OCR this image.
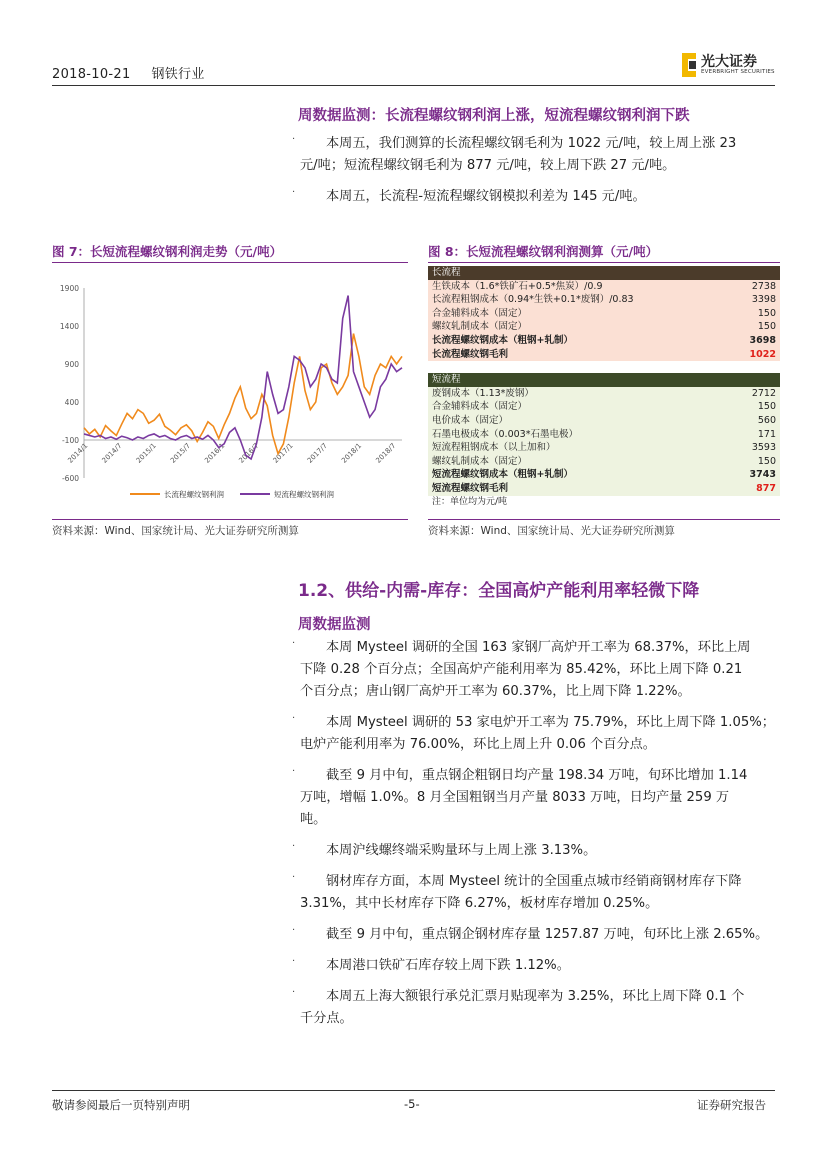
2018-10-21 钢铁行业
光大证券
EVERBRIGHT SECURITIES
周数据监测：长流程螺纹钢利润上涨，短流程螺纹钢利润下跌
· 本周五，我们测算的长流程螺纹钢毛利为 1022 元/吨，较上周上涨 23
元/吨；短流程螺纹钢毛利为 877 元/吨，较上周下跌 27 元/吨。
· 本周五，长流程-短流程螺纹钢模拟利差为 145 元/吨。
图 7：长短流程螺纹钢利润走势（元/吨）
1900
1400
900
400
-100
-600
2014/1 2014/7 2015/1 2015/7 2016/1 2016/7 2017/1 2017/7 2018/1 2018/7
长流程螺纹钢利润	短流程螺纹钢利润
资料来源：Wind、国家统计局、光大证券研究所测算
图 8：长短流程螺纹钢利润测算（元/吨）
长流程	
生铁成本（1.6*铁矿石+0.5*焦炭）/0.9	2738
长流程粗钢成本（0.94*生铁+0.1*废钢）/0.83	3398
合金辅料成本（固定）	150
螺纹轧制成本（固定）	150
长流程螺纹钢成本（粗钢+轧制）	3698
长流程螺纹钢毛利	1022

短流程	
废钢成本（1.13*废钢）	2712
合金辅料成本（固定）	150
电价成本（固定）	560
石墨电极成本（0.003*石墨电极）	171
短流程粗钢成本（以上加和）	3593
螺纹轧制成本（固定）	150
短流程螺纹钢成本（粗钢+轧制）	3743
短流程螺纹钢毛利	877
注：单位均为元/吨	
资料来源：Wind、国家统计局、光大证券研究所测算
1.2、供给-内需-库存：全国高炉产能利用率轻微下降
周数据监测
· 本周 Mysteel 调研的全国 163 家钢厂高炉开工率为 68.37%，环比上周
下降 0.28 个百分点；全国高炉产能利用率为 85.42%，环比上周下降 0.21
个百分点；唐山钢厂高炉开工率为 60.37%，比上周下降 1.22%。
· 本周 Mysteel 调研的 53 家电炉开工率为 75.79%，环比上周下降 1.05%；
电炉产能利用率为 76.00%，环比上周上升 0.06 个百分点。
· 截至 9 月中旬，重点钢企粗钢日均产量 198.34 万吨，旬环比增加 1.14
万吨，增幅 1.0%。8 月全国粗钢当月产量 8033 万吨，日均产量 259 万
吨。
· 本周沪线螺终端采购量环与上周上涨 3.13%。
· 钢材库存方面，本周 Mysteel 统计的全国重点城市经销商钢材库存下降
3.31%，其中长材库存下降 6.27%，板材库存增加 0.25%。
· 截至 9 月中旬，重点钢企钢材库存量 1257.87 万吨，旬环比上涨 2.65%。
· 本周港口铁矿石库存较上周下跌 1.12%。
· 本周五上海大额银行承兑汇票月贴现率为 3.25%，环比上周下降 0.1 个
千分点。
敬请参阅最后一页特别声明	-5-	证券研究报告
